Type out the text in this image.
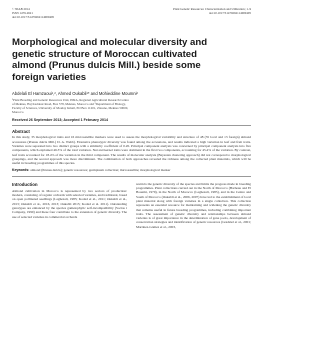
© NIAB 2014
ISSN 1479-2621
doi:10.1017/S1479262114000495
Plant Genetic Resources: Characterization and Utilization; 1–9
doi:10.1017/S1479262114000495
Morphological and molecular diversity and genetic structure of Moroccan cultivated almond (Prunus dulcis Mill.) beside some foreign varieties
Abdelali El Hamzaoui¹,², Ahmed Oukabli¹* and Mohieddine Moumni²
¹Plant Breeding and Genetic Resources Unit, INRA, Regional Agricultural Research Centre
of Meknes, Haj Kaddour Road, Box 578, Meknes, Morocco and ²Department of Biology,
Faculty of Sciences, University of Moulay Ismail, PO Box 11201, Zitoune, Meknes 50000,
Morocco
Received 26 September 2013; Accepted 1 February 2014
Abstract

In this study, 35 morphological traits and 16 microsatellite markers were used to assess the morphological variability and structure of 48 (35 local and 13 foreign) almond accessions (Prunus dulcis Mill.) D. A. Webb). Extensive phenotypic diversity was found among the accessions, and results indicated a high variation in leaf and fruit traits. Varieties were separated into two distinct groups with a similarity coefficient of 0.20. Principal component analysis was concerned by principal component analysis into five components, which explained 46.3% of the total variation. Nut and kernel traits were dominant in the first two components, accounting for 45.4% of the variation. By contrast, leaf traits accounted for 18.4% of the variation in the third component. The results of molecular analysis (Bayesian clustering approach) did not correspond to morphological groupings, and the second approach was more discriminant. The combination of both approaches revealed the richness among the collected plant materials, which will be useful in breeding programmes of this species.

Keywords: almond (Prunus dulcis); genetic resources; germplasm collection; microsatellite; morphological marker
Introduction

Almond cultivation in Morocco is represented by two sectors of production: modern, consisting of regular orchards with selected varieties, and traditional, based on open pollinated seedlings (Laghezali, 1985; Kodad et al., 2011; Oukabli et al., 2013; Oukabli et al., 2016, 2013; Oukabli 2013; Kodad et al. 2011). Outstanding genotypes are enhanced by the species gametophytic self-incompatibility (Socias i Company, 1990) and these four contribute to the extension of genetic diversity. The use of selected varieties in commercial orchards

restricts the genetic diversity of the species and limits the progress made in breeding programmes. Plant collections carried out in the North of Morocco (Barbeau and El Bouami, 1979), in the North of Morocco (Laghezali, 1985), and in the Centre and South of Morocco (Oukabli et al., 2006, 2007) have led to the establishment of local plant material along with foreign varieties in a single collection. This collection represents an essential resource for maintaining and widening the genetic diversity that remains useful in future breeding programmes, including combining important traits. The assessment of genetic diversity and relationships between almond varieties is of great importance in the determination of gene pools, development of conservation strategies and identification of genetic resources (Gradziel et al., 2001; Martínez-Gómez et al., 2003,
